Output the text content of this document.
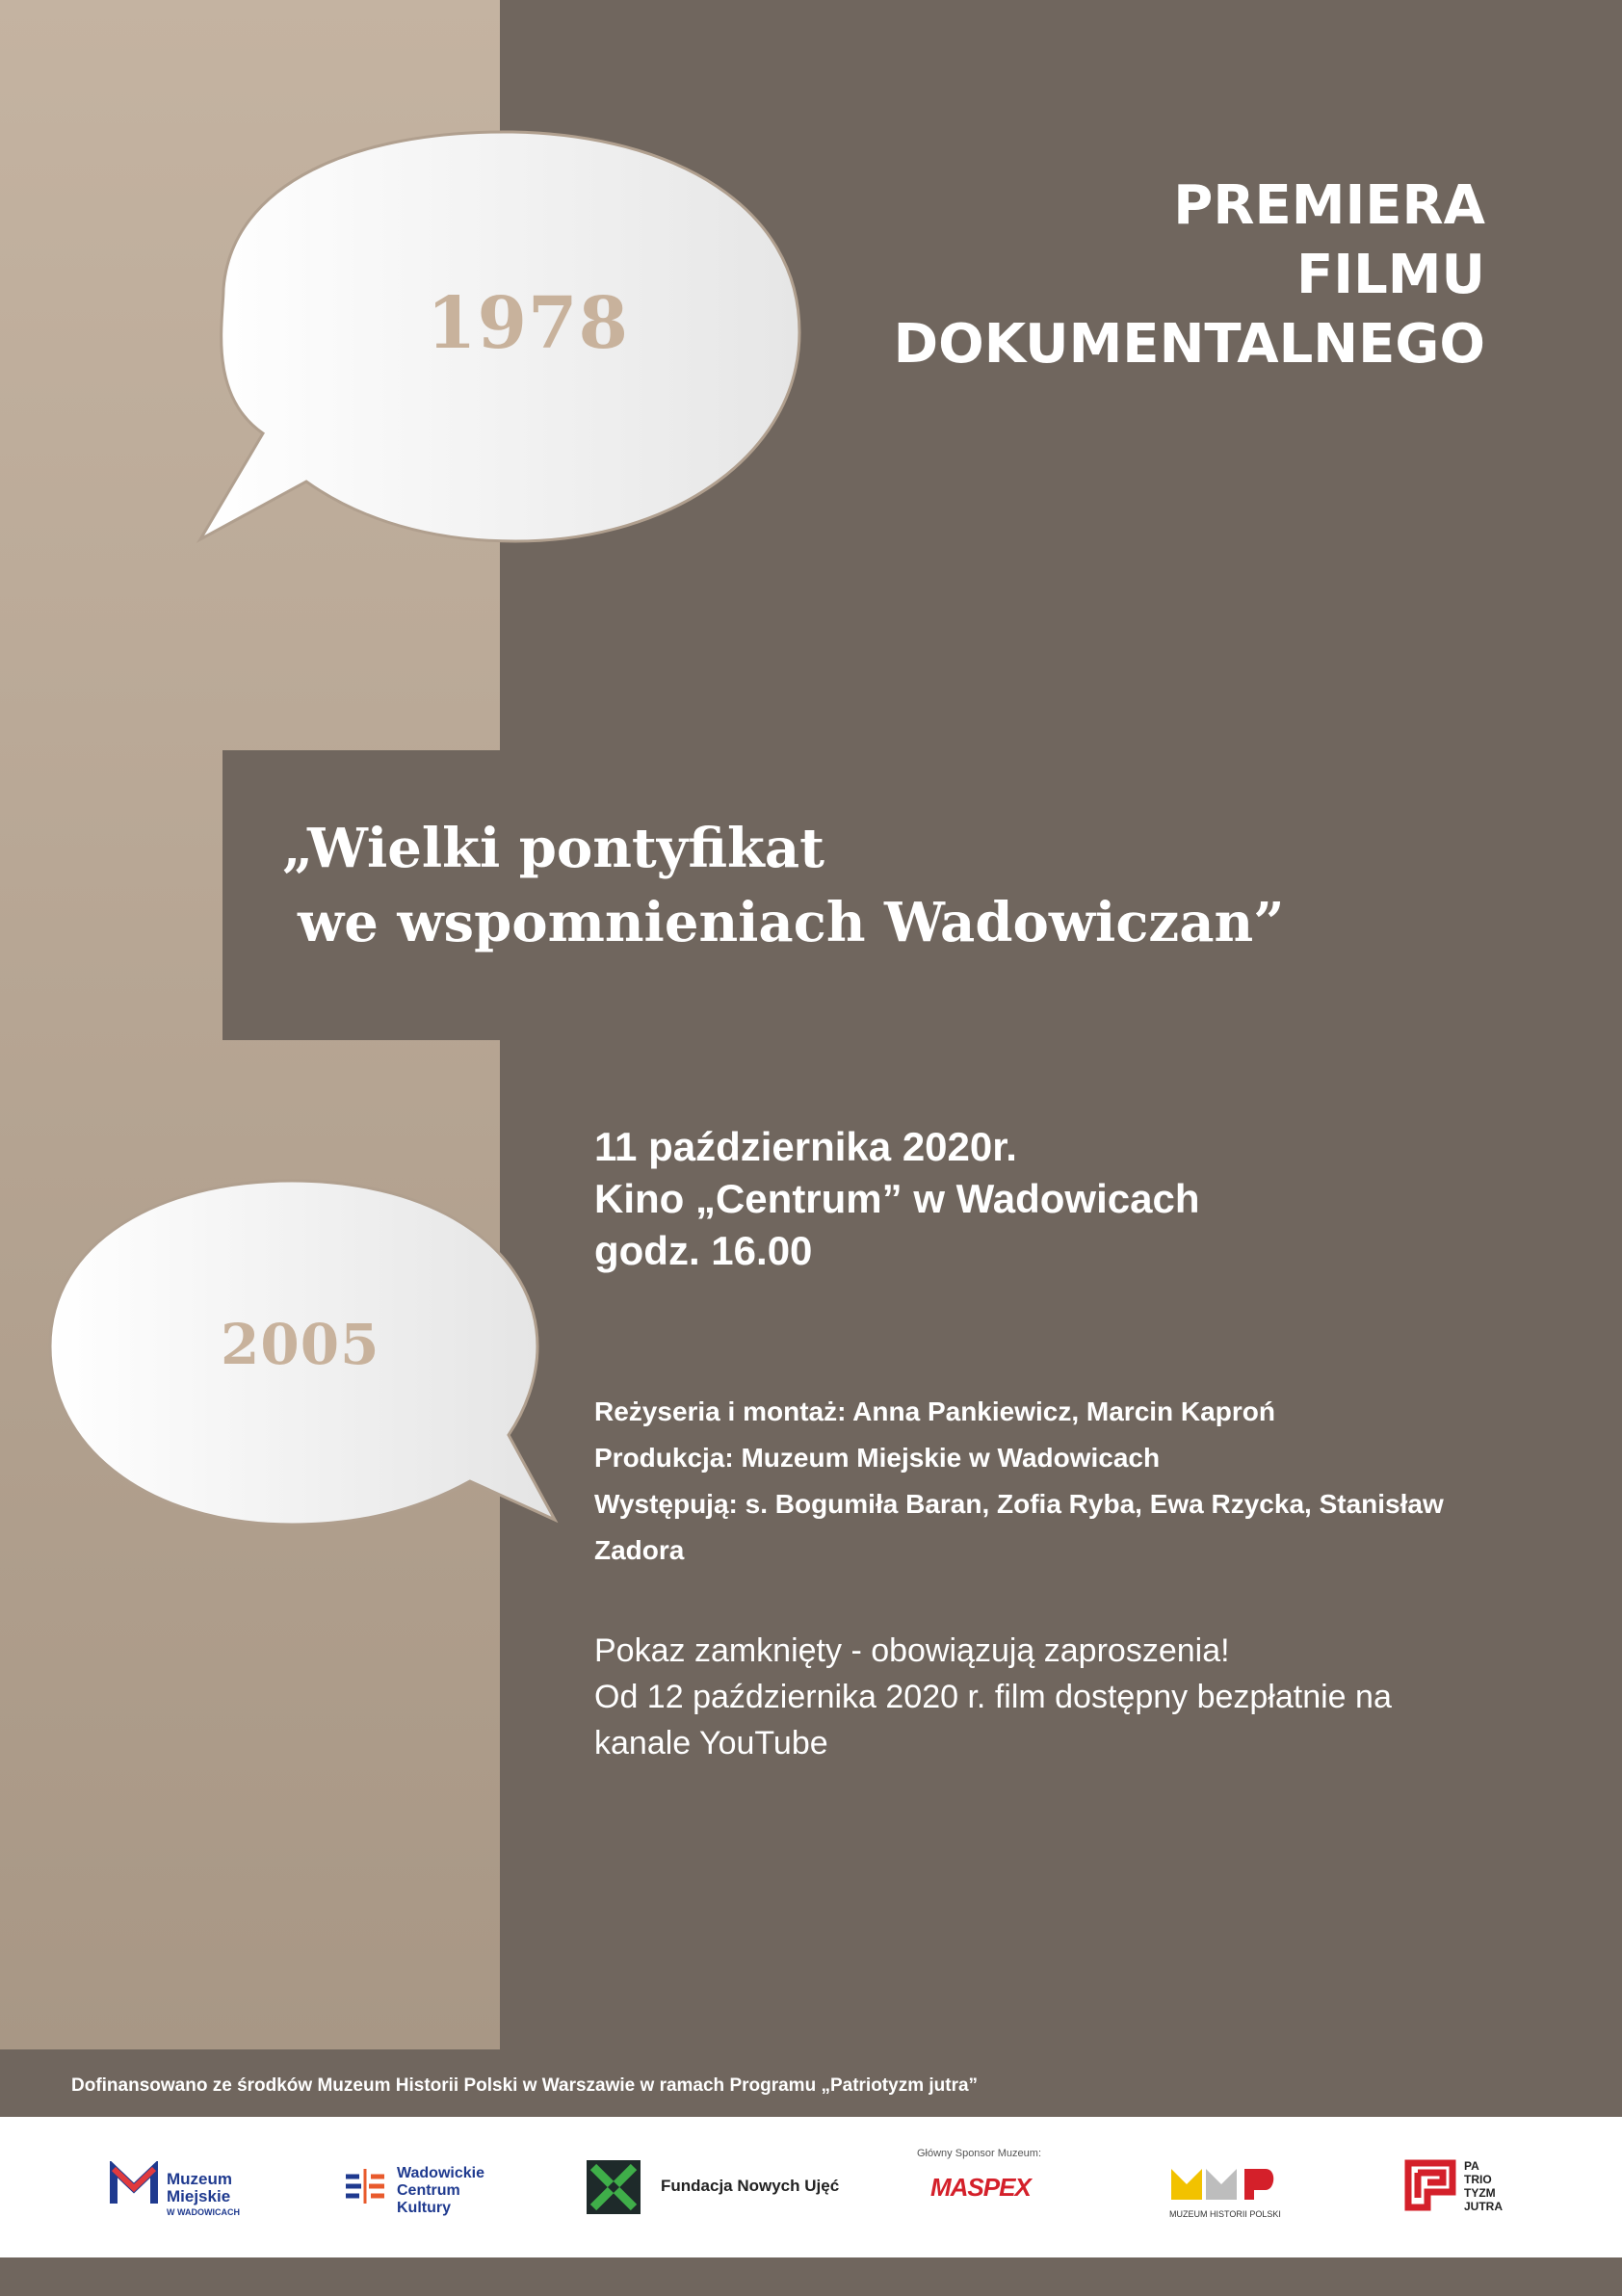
1978
PREMIERA
FILMU
DOKUMENTALNEGO
„Wielki pontyfikat
we wspomnieniach Wadowiczan”
11 października 2020r.
Kino „Centrum” w Wadowicach
godz. 16.00
2005
Reżyseria i montaż: Anna Pankiewicz, Marcin Kaproń
Produkcja: Muzeum Miejskie w Wadowicach
Występują: s. Bogumiła Baran, Zofia Ryba, Ewa Rzycka, Stanisław Zadora
Pokaz zamknięty - obowiązują zaproszenia!
Od 12 października 2020 r. film dostępny bezpłatnie na kanale YouTube
Dofinansowano ze środków Muzeum Historii Polski w Warszawie w ramach Programu „Patriotyzm jutra”
Muzeum
Miejskie
W WADOWICACH
Wadowickie
Centrum
Kultury
Fundacja Nowych Ujęć
Główny Sponsor Muzeum:
MASPEX
MUZEUM HISTORII POLSKI
PA
TRIO
TYZM
JUTRA
